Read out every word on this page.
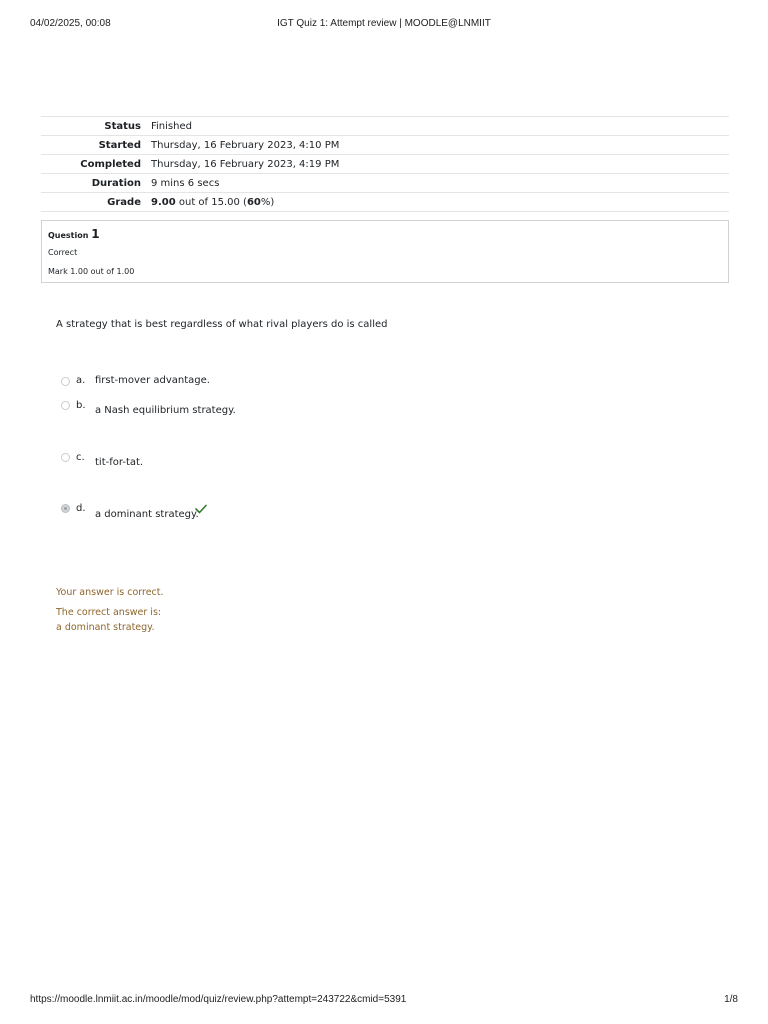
04/02/2025, 00:08	IGT Quiz 1: Attempt review | MOODLE@LNMIIT
Status	Finished
Started	Thursday, 16 February 2023, 4:10 PM
Completed	Thursday, 16 February 2023, 4:19 PM
Duration	9 mins 6 secs
Grade	9.00 out of 15.00 (60%)
Question 1
Correct
Mark 1.00 out of 1.00
A strategy that is best regardless of what rival players do is called
a. first-mover advantage.
b. a Nash equilibrium strategy.
c. tit-for-tat.
d.
a dominant strategy.
Your answer is correct.
The correct answer is:
a dominant strategy.
https://moodle.lnmiit.ac.in/moodle/mod/quiz/review.php?attempt=243722&cmid=5391	1/8
